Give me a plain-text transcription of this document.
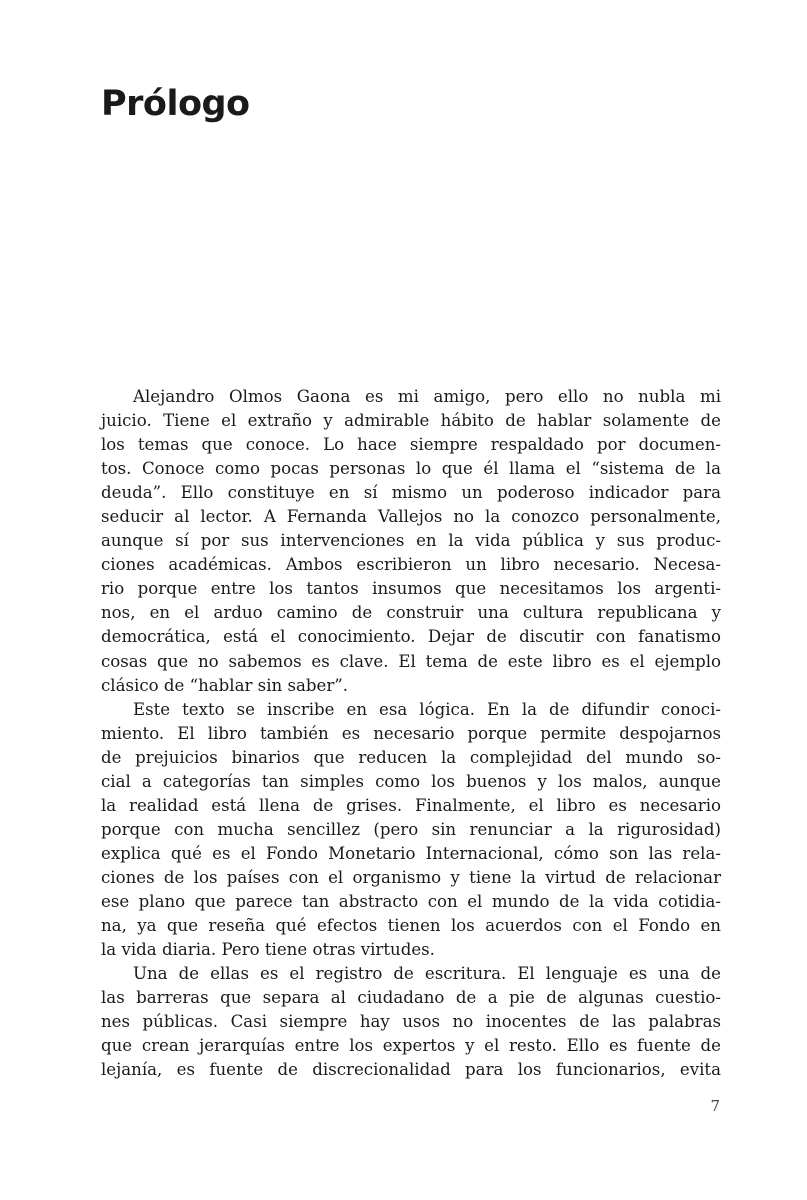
Prólogo
Alejandro Olmos Gaona es mi amigo, pero ello no nubla mi
juicio. Tiene el extraño y admirable hábito de hablar solamente de
los temas que conoce. Lo hace siempre respaldado por documen-
tos. Conoce como pocas personas lo que él llama el “sistema de la
deuda”. Ello constituye en sí mismo un poderoso indicador para
seducir al lector. A Fernanda Vallejos no la conozco personalmente,
aunque sí por sus intervenciones en la vida pública y sus produc-
ciones académicas. Ambos escribieron un libro necesario. Necesa-
rio porque entre los tantos insumos que necesitamos los argenti-
nos, en el arduo camino de construir una cultura republicana y
democrática, está el conocimiento. Dejar de discutir con fanatismo
cosas que no sabemos es clave. El tema de este libro es el ejemplo
clásico de “hablar sin saber”.
Este texto se inscribe en esa lógica. En la de difundir conoci-
miento. El libro también es necesario porque permite despojarnos
de prejuicios binarios que reducen la complejidad del mundo so-
cial a categorías tan simples como los buenos y los malos, aunque
la realidad está llena de grises. Finalmente, el libro es necesario
porque con mucha sencillez (pero sin renunciar a la rigurosidad)
explica qué es el Fondo Monetario Internacional, cómo son las rela-
ciones de los países con el organismo y tiene la virtud de relacionar
ese plano que parece tan abstracto con el mundo de la vida cotidia-
na, ya que reseña qué efectos tienen los acuerdos con el Fondo en
la vida diaria. Pero tiene otras virtudes.
Una de ellas es el registro de escritura. El lenguaje es una de
las barreras que separa al ciudadano de a pie de algunas cuestio-
nes públicas. Casi siempre hay usos no inocentes de las palabras
que crean jerarquías entre los expertos y el resto. Ello es fuente de
lejanía, es fuente de discrecionalidad para los funcionarios, evita
7
